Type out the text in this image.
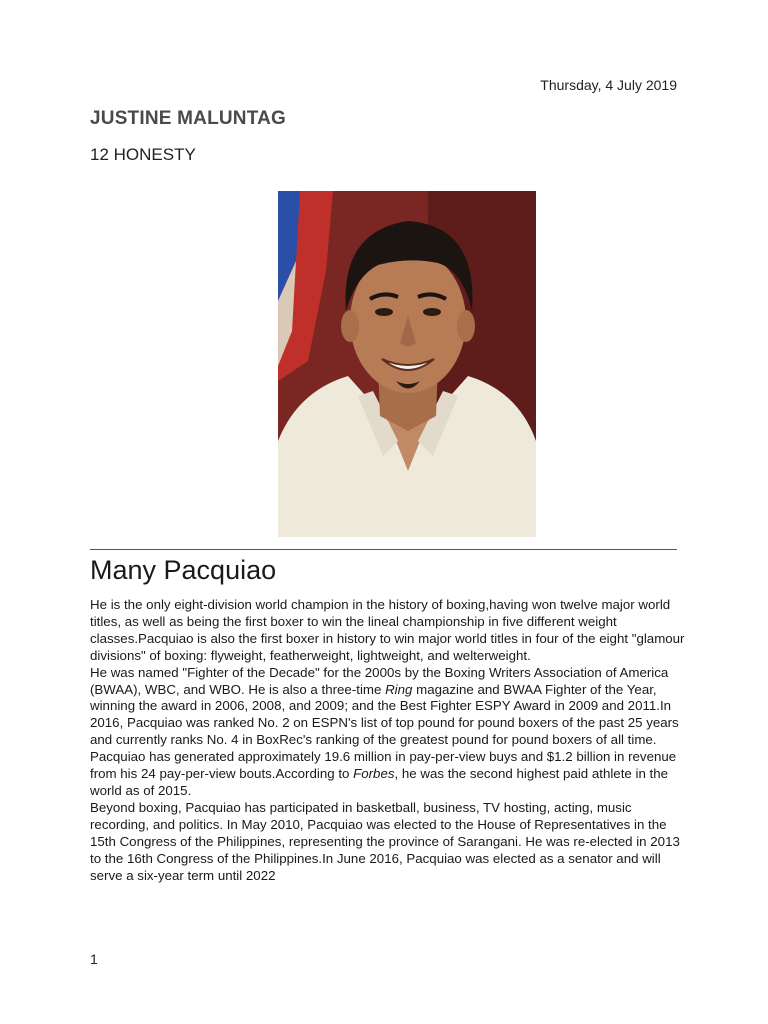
Thursday, 4 July 2019
JUSTINE MALUNTAG
12 HONESTY
Many Pacquiao

He is the only eight-division world champion in the history of boxing,having won twelve major world titles, as well as being the first boxer to win the lineal championship in five different weight classes.Pacquiao is also the first boxer in history to win major world titles in four of the eight "glamour divisions" of boxing: flyweight, featherweight, lightweight, and welterweight.

He was named "Fighter of the Decade" for the 2000s by the Boxing Writers Association of America (BWAA), WBC, and WBO. He is also a three-time Ring magazine and BWAA Fighter of the Year, winning the award in 2006, 2008, and 2009; and the Best Fighter ESPY Award in 2009 and 2011.In 2016, Pacquiao was ranked No. 2 on ESPN's list of top pound for pound boxers of the past 25 years and currently ranks No. 4 in BoxRec's ranking of the greatest pound for pound boxers of all time.

Pacquiao has generated approximately 19.6 million in pay-per-view buys and $1.2 billion in revenue from his 24 pay-per-view bouts.According to Forbes, he was the second highest paid athlete in the world as of 2015.

Beyond boxing, Pacquiao has participated in basketball, business, TV hosting, acting, music recording, and politics. In May 2010, Pacquiao was elected to the House of Representatives in the 15th Congress of the Philippines, representing the province of Sarangani. He was re-elected in 2013 to the 16th Congress of the Philippines.In June 2016, Pacquiao was elected as a senator and will serve a six-year term until 2022

1
